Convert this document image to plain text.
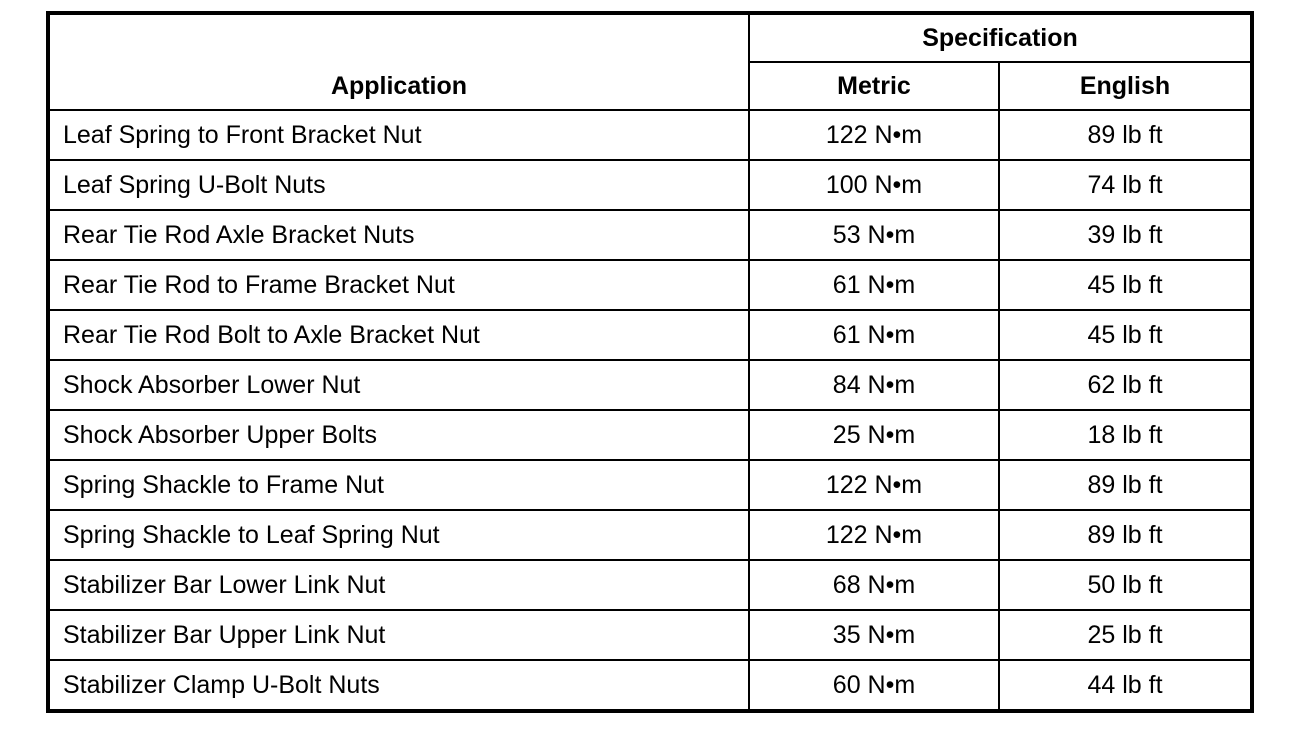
Application	Specification	
	Metric	English
Leaf Spring to Front Bracket Nut	122 N•m	89 lb ft
Leaf Spring U-Bolt Nuts	100 N•m	74 lb ft
Rear Tie Rod Axle Bracket Nuts	53 N•m	39 lb ft
Rear Tie Rod to Frame Bracket Nut	61 N•m	45 lb ft
Rear Tie Rod Bolt to Axle Bracket Nut	61 N•m	45 lb ft
Shock Absorber Lower Nut	84 N•m	62 lb ft
Shock Absorber Upper Bolts	25 N•m	18 lb ft
Spring Shackle to Frame Nut	122 N•m	89 lb ft
Spring Shackle to Leaf Spring Nut	122 N•m	89 lb ft
Stabilizer Bar Lower Link Nut	68 N•m	50 lb ft
Stabilizer Bar Upper Link Nut	35 N•m	25 lb ft
Stabilizer Clamp U-Bolt Nuts	60 N•m	44 lb ft
